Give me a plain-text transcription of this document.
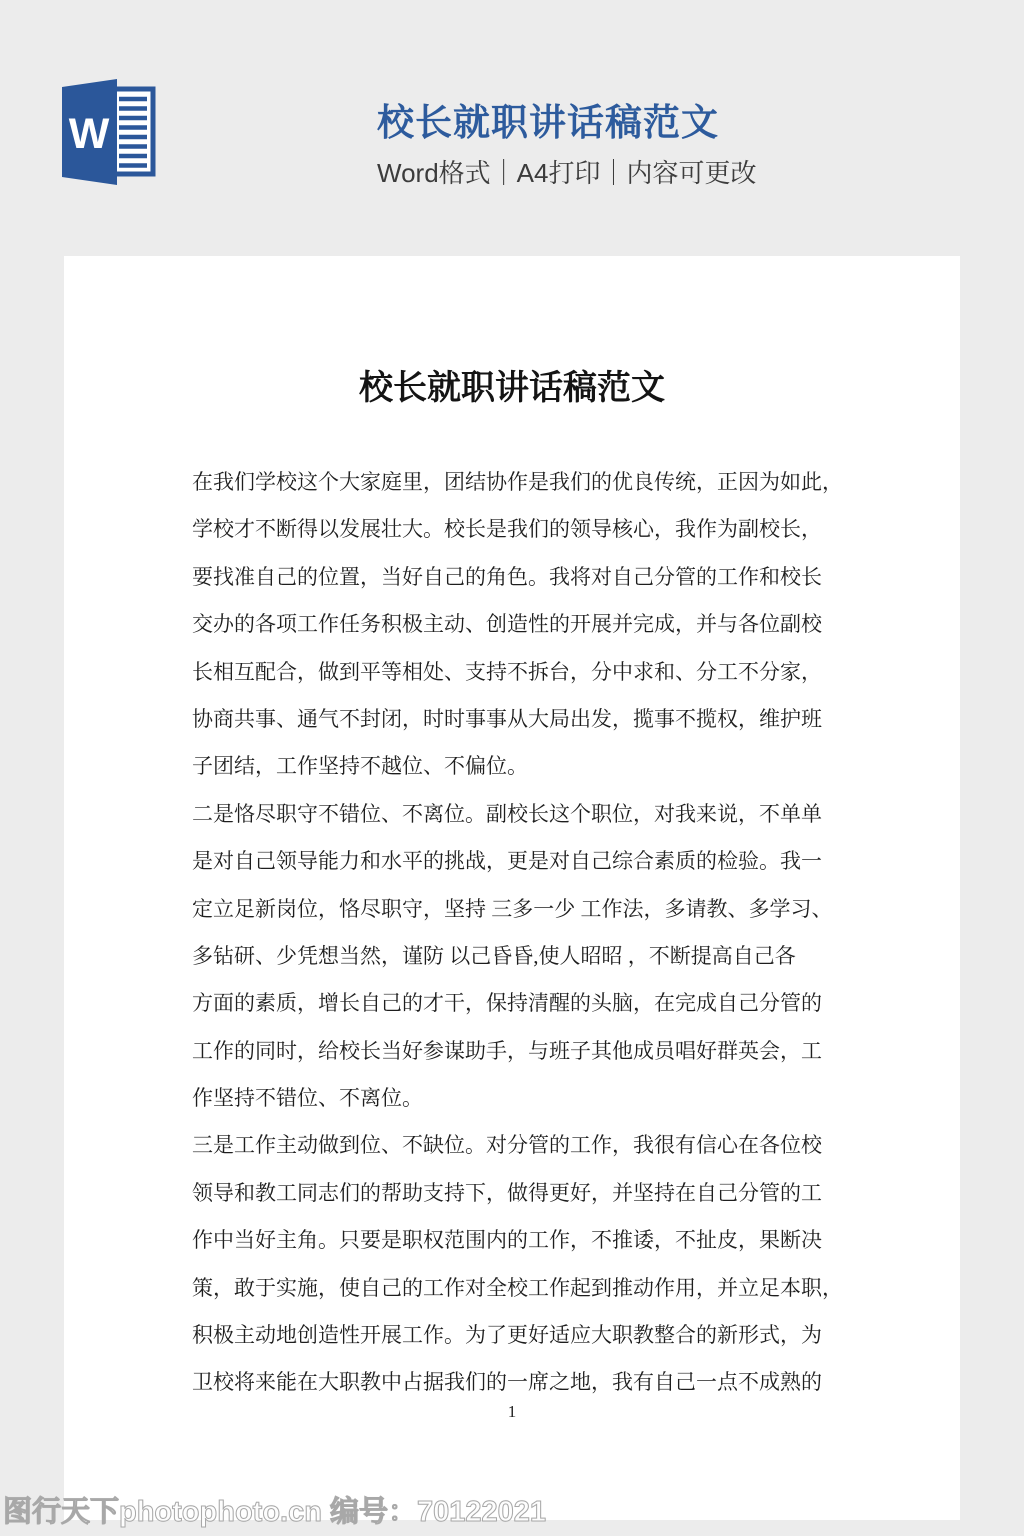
W	校长就职讲话稿范文
Word格式｜A4打印｜内容可更改
校长就职讲话稿范文
在我们学校这个大家庭里，团结协作是我们的优良传统，正因为如此，
学校才不断得以发展壮大。校长是我们的领导核心，我作为副校长，
要找准自己的位置，当好自己的角色。我将对自己分管的工作和校长
交办的各项工作任务积极主动、创造性的开展并完成，并与各位副校
长相互配合，做到平等相处、支持不拆台，分中求和、分工不分家，
协商共事、通气不封闭，时时事事从大局出发，揽事不揽权，维护班
子团结，工作坚持不越位、不偏位。
二是恪尽职守不错位、不离位。副校长这个职位，对我来说，不单单
是对自己领导能力和水平的挑战，更是对自己综合素质的检验。我一
定立足新岗位，恪尽职守，坚持 三多一少 工作法，多请教、多学习、
多钻研、少凭想当然，谨防 以己昏昏,使人昭昭 ，不断提高自己各
方面的素质，增长自己的才干，保持清醒的头脑，在完成自己分管的
工作的同时，给校长当好参谋助手，与班子其他成员唱好群英会，工
作坚持不错位、不离位。
三是工作主动做到位、不缺位。对分管的工作，我很有信心在各位校
领导和教工同志们的帮助支持下，做得更好，并坚持在自己分管的工
作中当好主角。只要是职权范围内的工作，不推诿，不扯皮，果断决
策，敢于实施，使自己的工作对全校工作起到推动作用，并立足本职，
积极主动地创造性开展工作。为了更好适应大职教整合的新形式，为
卫校将来能在大职教中占据我们的一席之地，我有自己一点不成熟的
1
图行天下photophoto.cn 编号：70122021
